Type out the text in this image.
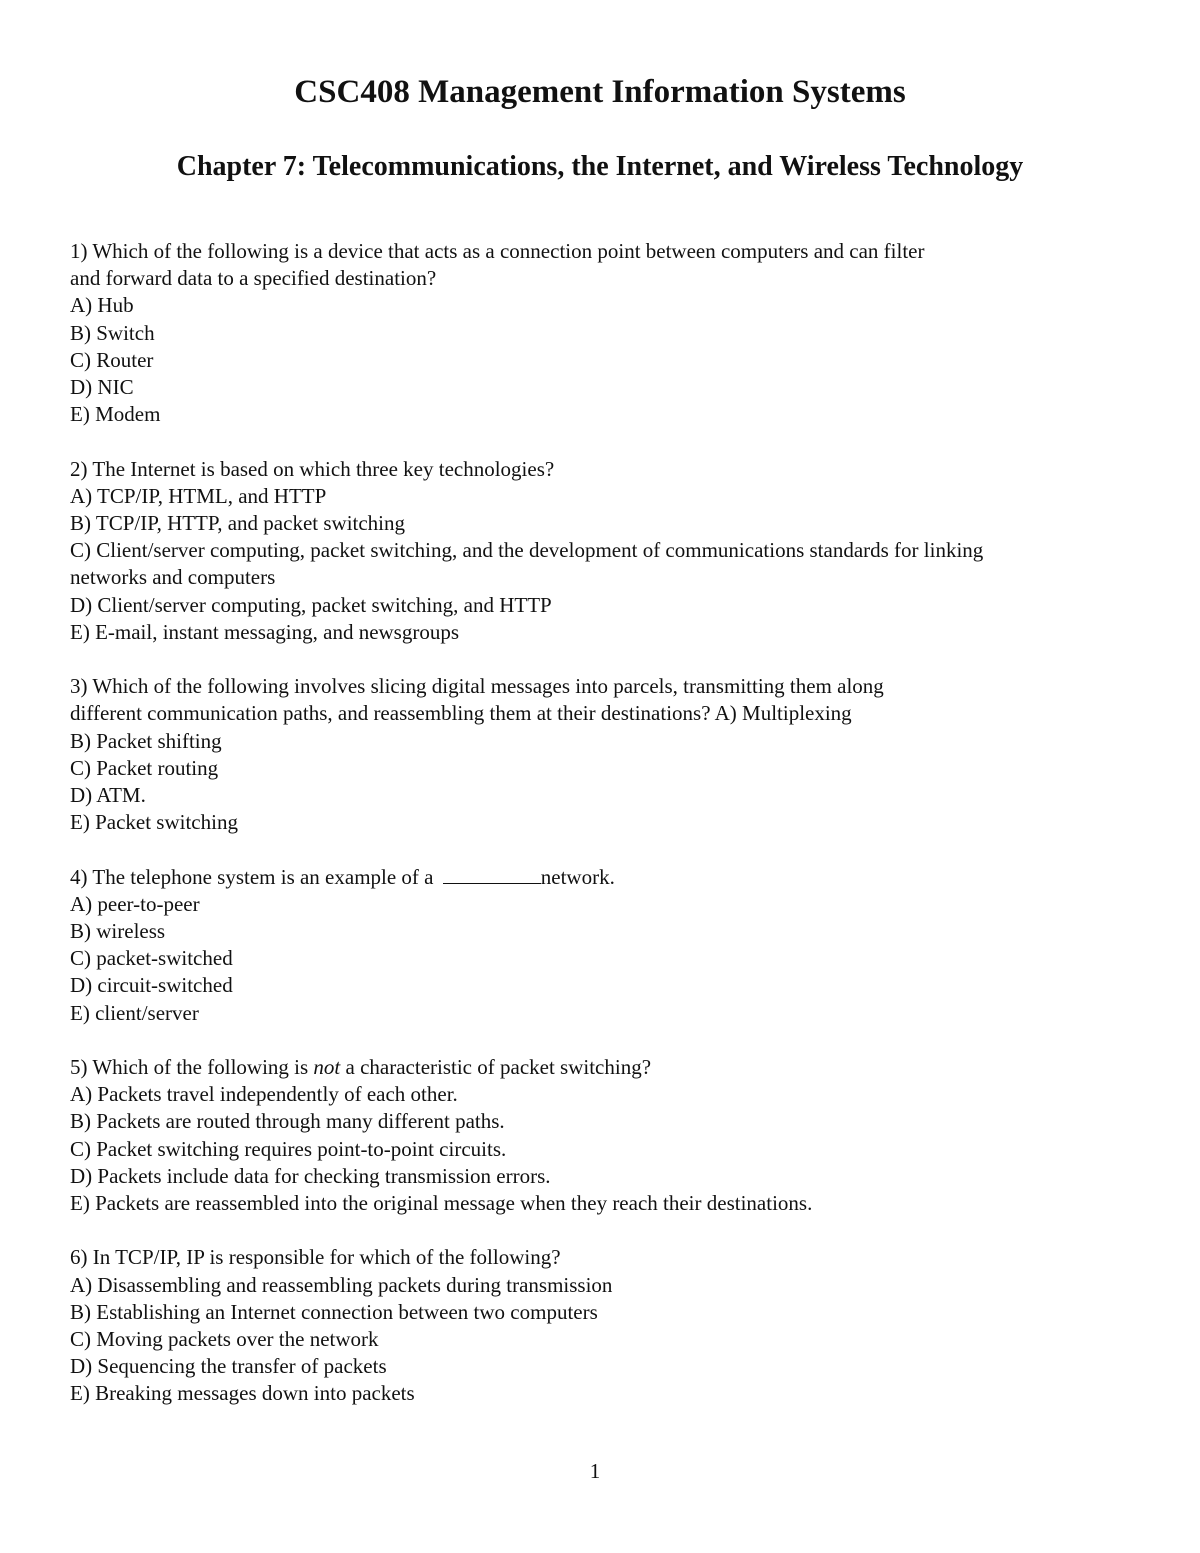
CSC408 Management Information Systems
Chapter 7: Telecommunications, the Internet, and Wireless Technology
1) Which of the following is a device that acts as a connection point between computers and can filter
and forward data to a specified destination?
A) Hub
B) Switch
C) Router
D) NIC
E) Modem
2) The Internet is based on which three key technologies?
A) TCP/IP, HTML, and HTTP
B) TCP/IP, HTTP, and packet switching
C) Client/server computing, packet switching, and the development of communications standards for linking
networks and computers
D) Client/server computing, packet switching, and HTTP
E) E-mail, instant messaging, and newsgroups
3) Which of the following involves slicing digital messages into parcels, transmitting them along
different communication paths, and reassembling them at their destinations? A) Multiplexing
B) Packet shifting
C) Packet routing
D) ATM.
E) Packet switching
4) The telephone system is an example of a	network.
A) peer-to-peer
B) wireless
C) packet-switched
D) circuit-switched
E) client/server
5) Which of the following is not a characteristic of packet switching?
A) Packets travel independently of each other.
B) Packets are routed through many different paths.
C) Packet switching requires point-to-point circuits.
D) Packets include data for checking transmission errors.
E) Packets are reassembled into the original message when they reach their destinations.
6) In TCP/IP, IP is responsible for which of the following?
A) Disassembling and reassembling packets during transmission
B) Establishing an Internet connection between two computers
C) Moving packets over the network
D) Sequencing the transfer of packets
E) Breaking messages down into packets
1
